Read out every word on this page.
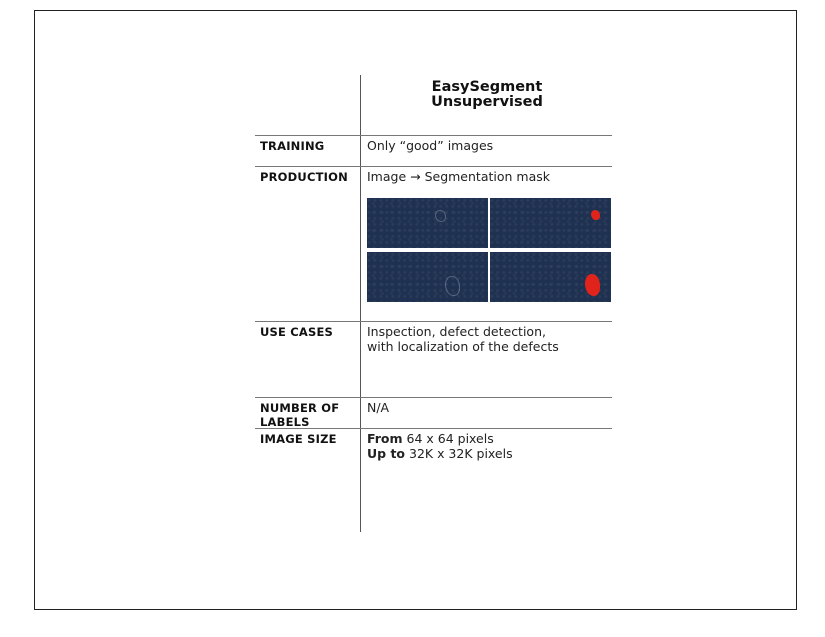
EasySegment
Unsupervised
TRAINING	Only “good” images
PRODUCTION Image → Segmentation mask
USE CASES	Inspection, defect detection,
with localization of the defects
NUMBER OF
LABELS
N/A
IMAGE SIZE From 64 x 64 pixels
Up to 32K x 32K pixels
